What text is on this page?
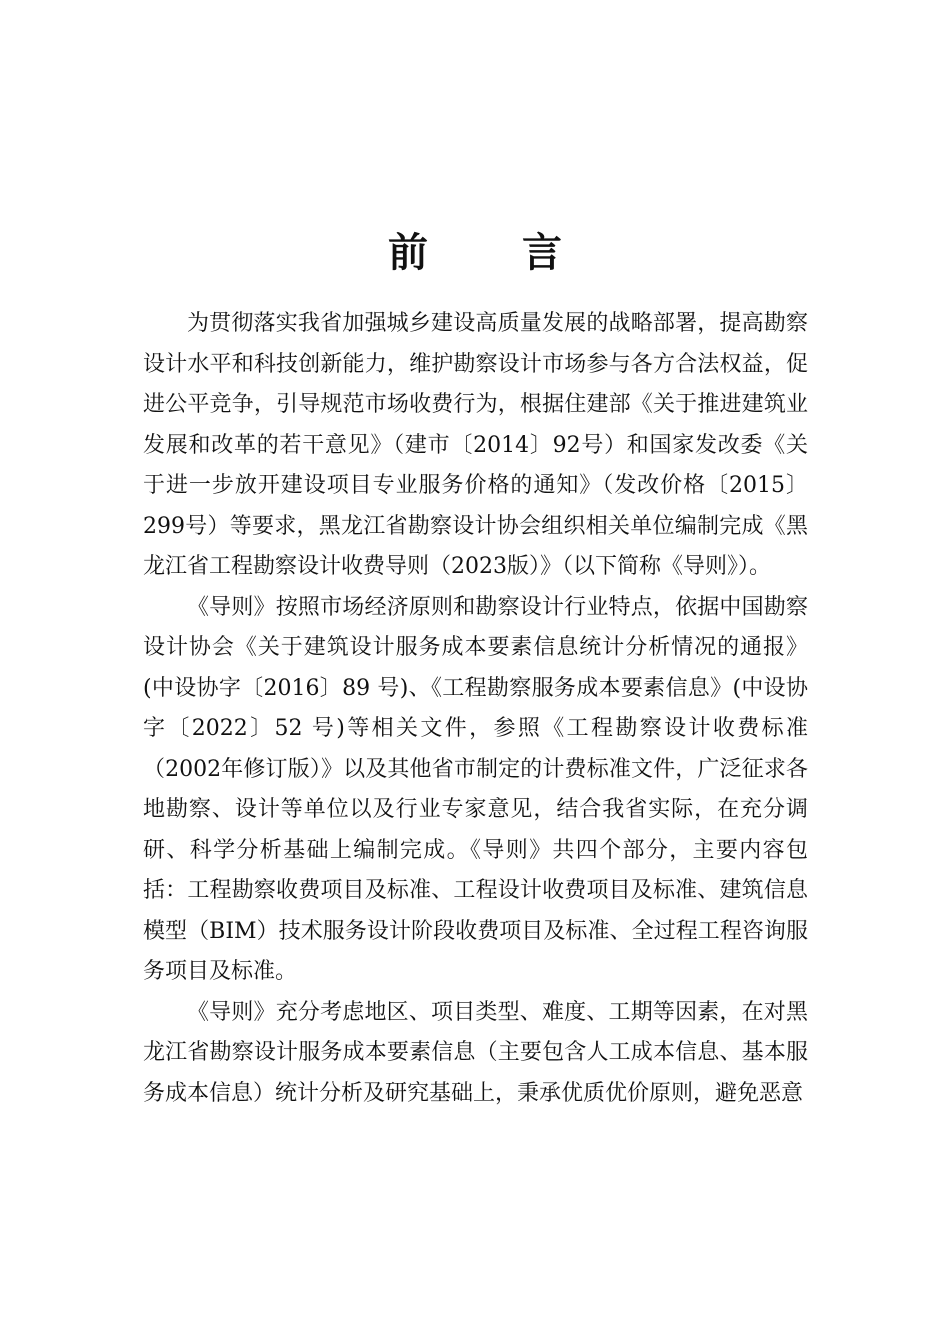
前 言

为贯彻落实我省加强城乡建设高质量发展的战略部署，提高勘察设计水平和科技创新能力，维护勘察设计市场参与各方合法权益，促进公平竞争，引导规范市场收费行为，根据住建部《关于推进建筑业发展和改革的若干意见》（建市〔2014〕92号）和国家发改委《关于进一步放开建设项目专业服务价格的通知》（发改价格〔2015〕299号）等要求，黑龙江省勘察设计协会组织相关单位编制完成《黑龙江省工程勘察设计收费导则（2023版）》（以下简称《导则》）。

《导则》按照市场经济原则和勘察设计行业特点，依据中国勘察设计协会《关于建筑设计服务成本要素信息统计分析情况的通报》(中设协字〔2016〕89 号)、《工程勘察服务成本要素信息》(中设协字〔2022〕52 号)等相关文件，参照《工程勘察设计收费标准（2002年修订版）》以及其他省市制定的计费标准文件，广泛征求各地勘察、设计等单位以及行业专家意见，结合我省实际，在充分调研、科学分析基础上编制完成。《导则》共四个部分，主要内容包括：工程勘察收费项目及标准、工程设计收费项目及标准、建筑信息模型（BIM）技术服务设计阶段收费项目及标准、全过程工程咨询服务项目及标准。

《导则》充分考虑地区、项目类型、难度、工期等因素，在对黑龙江省勘察设计服务成本要素信息（主要包含人工成本信息、基本服务成本信息）统计分析及研究基础上，秉承优质优价原则，避免恶意
